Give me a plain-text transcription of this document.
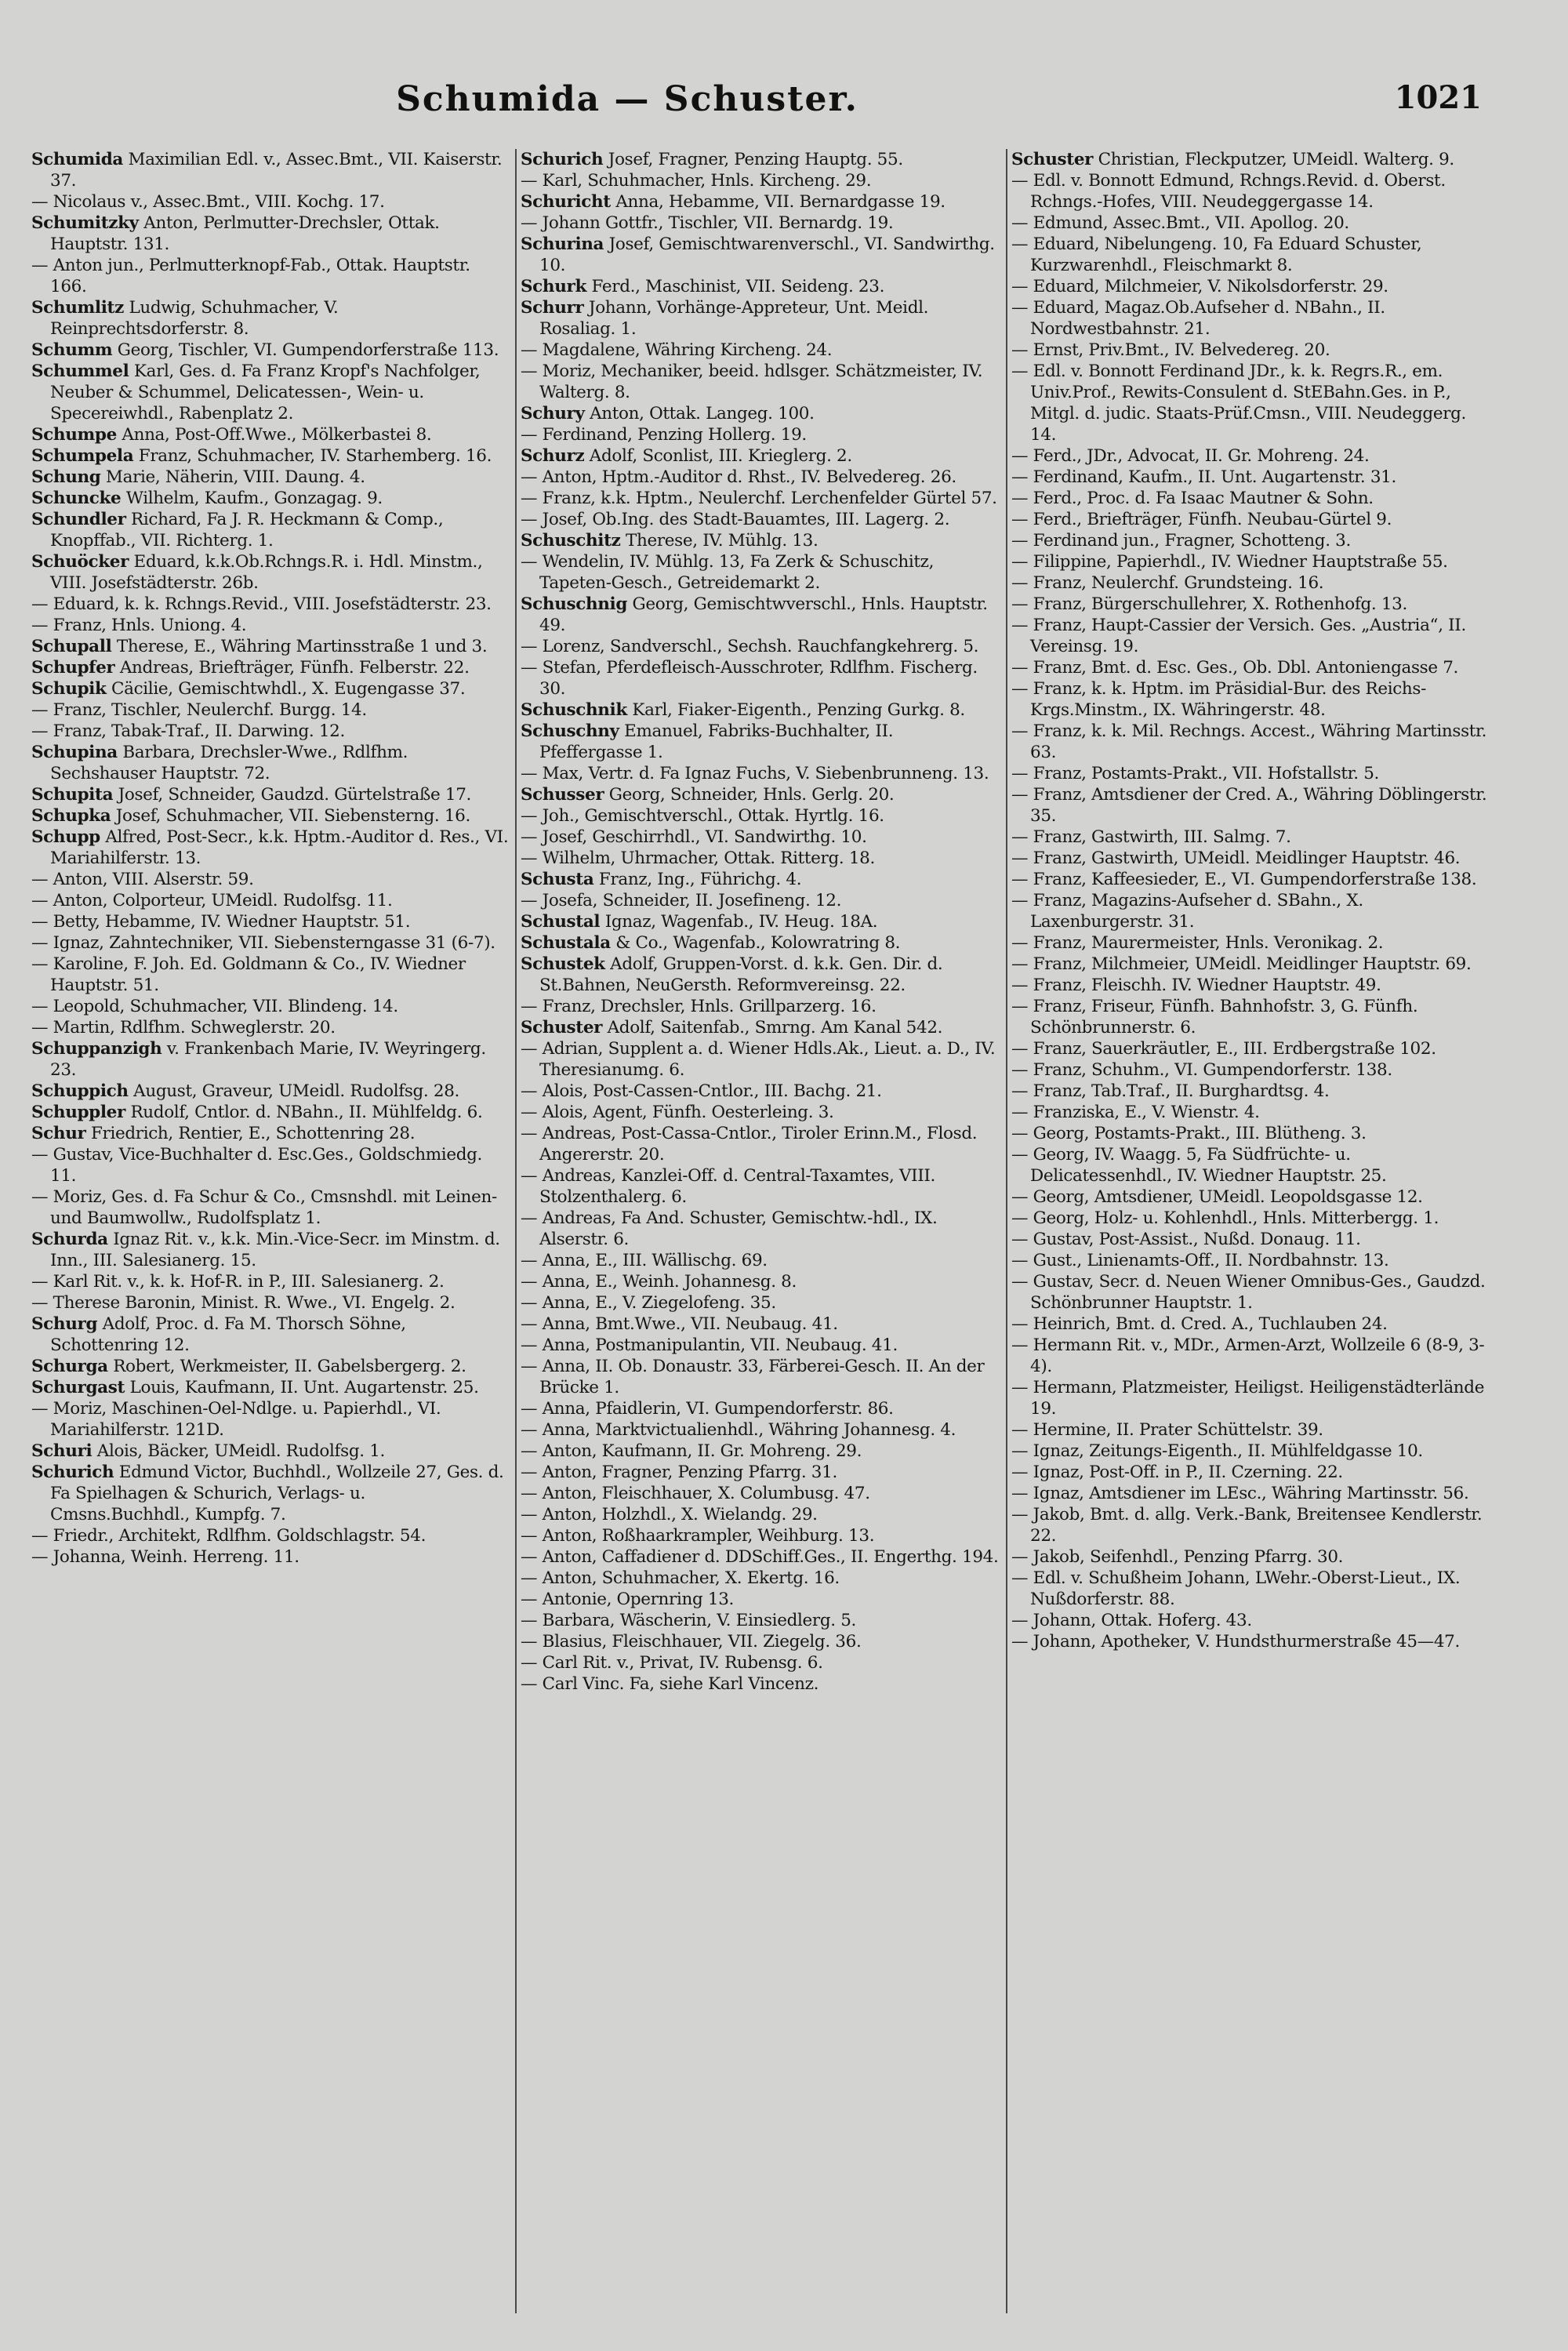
Schumida — Schuster.	1021
Schumida Maximilian Edl. v., Assec.Bmt., VII. Kaiserstr. 37.
— Nicolaus v., Assec.Bmt., VIII. Kochg. 17.
Schumitzky Anton, Perlmutter-Drechsler, Ottak. Hauptstr. 131.
— Anton jun., Perlmutterknopf-Fab., Ottak. Hauptstr. 166.
Schumlitz Ludwig, Schuhmacher, V. Reinprechtsdorferstr. 8.
Schumm Georg, Tischler, VI. Gumpendorferstraße 113.
Schummel Karl, Ges. d. Fa Franz Kropf's Nachfolger, Neuber & Schummel, Delicatessen-, Wein- u. Specereiwhdl., Rabenplatz 2.
Schumpe Anna, Post-Off.Wwe., Mölkerbastei 8.
Schumpela Franz, Schuhmacher, IV. Starhemberg. 16.
Schung Marie, Näherin, VIII. Daung. 4.
Schuncke Wilhelm, Kaufm., Gonzagag. 9.
Schundler Richard, Fa J. R. Heckmann & Comp., Knopffab., VII. Richterg. 1.
Schuöcker Eduard, k.k.Ob.Rchngs.R. i. Hdl. Minstm., VIII. Josefstädterstr. 26b.
— Eduard, k. k. Rchngs.Revid., VIII. Josefstädterstr. 23.
— Franz, Hnls. Uniong. 4.
Schupall Therese, E., Währing Martinsstraße 1 und 3.
Schupfer Andreas, Briefträger, Fünfh. Felberstr. 22.
Schupik Cäcilie, Gemischtwhdl., X. Eugengasse 37.
— Franz, Tischler, Neulerchf. Burgg. 14.
— Franz, Tabak-Traf., II. Darwing. 12.
Schupina Barbara, Drechsler-Wwe., Rdlfhm. Sechshauser Hauptstr. 72.
Schupita Josef, Schneider, Gaudzd. Gürtelstraße 17.
Schupka Josef, Schuhmacher, VII. Siebensterng. 16.
Schupp Alfred, Post-Secr., k.k. Hptm.-Auditor d. Res., VI. Mariahilferstr. 13.
— Anton, VIII. Alserstr. 59.
— Anton, Colporteur, UMeidl. Rudolfsg. 11.
— Betty, Hebamme, IV. Wiedner Hauptstr. 51.
— Ignaz, Zahntechniker, VII. Siebensterngasse 31 (6-7).
— Karoline, F. Joh. Ed. Goldmann & Co., IV. Wiedner Hauptstr. 51.
— Leopold, Schuhmacher, VII. Blindeng. 14.
— Martin, Rdlfhm. Schweglerstr. 20.
Schuppanzigh v. Frankenbach Marie, IV. Weyringerg. 23.
Schuppich August, Graveur, UMeidl. Rudolfsg. 28.
Schuppler Rudolf, Cntlor. d. NBahn., II. Mühlfeldg. 6.
Schur Friedrich, Rentier, E., Schottenring 28.
— Gustav, Vice-Buchhalter d. Esc.Ges., Goldschmiedg. 11.
— Moriz, Ges. d. Fa Schur & Co., Cmsnshdl. mit Leinen- und Baumwollw., Rudolfsplatz 1.
Schurda Ignaz Rit. v., k.k. Min.-Vice-Secr. im Minstm. d. Inn., III. Salesianerg. 15.
— Karl Rit. v., k. k. Hof-R. in P., III. Salesianerg. 2.
— Therese Baronin, Minist. R. Wwe., VI. Engelg. 2.
Schurg Adolf, Proc. d. Fa M. Thorsch Söhne, Schottenring 12.
Schurga Robert, Werkmeister, II. Gabelsbergerg. 2.
Schurgast Louis, Kaufmann, II. Unt. Augartenstr. 25.
— Moriz, Maschinen-Oel-Ndlge. u. Papierhdl., VI. Mariahilferstr. 121D.
Schuri Alois, Bäcker, UMeidl. Rudolfsg. 1.
Schurich Edmund Victor, Buchhdl., Wollzeile 27, Ges. d. Fa Spielhagen & Schurich, Verlags- u. Cmsns.Buchhdl., Kumpfg. 7.
— Friedr., Architekt, Rdlfhm. Goldschlagstr. 54.
— Johanna, Weinh. Herreng. 11.
Schurich Josef, Fragner, Penzing Hauptg. 55.
— Karl, Schuhmacher, Hnls. Kircheng. 29.
Schuricht Anna, Hebamme, VII. Bernardgasse 19.
— Johann Gottfr., Tischler, VII. Bernardg. 19.
Schurina Josef, Gemischtwarenverschl., VI. Sandwirthg. 10.
Schurk Ferd., Maschinist, VII. Seideng. 23.
Schurr Johann, Vorhänge-Appreteur, Unt. Meidl. Rosaliag. 1.
— Magdalene, Währing Kircheng. 24.
— Moriz, Mechaniker, beeid. hdlsger. Schätzmeister, IV. Walterg. 8.
Schury Anton, Ottak. Langeg. 100.
— Ferdinand, Penzing Hollerg. 19.
Schurz Adolf, Sconlist, III. Krieglerg. 2.
— Anton, Hptm.-Auditor d. Rhst., IV. Belvedereg. 26.
— Franz, k.k. Hptm., Neulerchf. Lerchenfelder Gürtel 57.
— Josef, Ob.Ing. des Stadt-Bauamtes, III. Lagerg. 2.
Schuschitz Therese, IV. Mühlg. 13.
— Wendelin, IV. Mühlg. 13, Fa Zerk & Schuschitz, Tapeten-Gesch., Getreidemarkt 2.
Schuschnig Georg, Gemischtwverschl., Hnls. Hauptstr. 49.
— Lorenz, Sandverschl., Sechsh. Rauchfangkehrerg. 5.
— Stefan, Pferdefleisch-Ausschroter, Rdlfhm. Fischerg. 30.
Schuschnik Karl, Fiaker-Eigenth., Penzing Gurkg. 8.
Schuschny Emanuel, Fabriks-Buchhalter, II. Pfeffergasse 1.
— Max, Vertr. d. Fa Ignaz Fuchs, V. Siebenbrunneng. 13.
Schusser Georg, Schneider, Hnls. Gerlg. 20.
— Joh., Gemischtverschl., Ottak. Hyrtlg. 16.
— Josef, Geschirrhdl., VI. Sandwirthg. 10.
— Wilhelm, Uhrmacher, Ottak. Ritterg. 18.
Schusta Franz, Ing., Führichg. 4.
— Josefa, Schneider, II. Josefineng. 12.
Schustal Ignaz, Wagenfab., IV. Heug. 18A.
Schustala & Co., Wagenfab., Kolowratring 8.
Schustek Adolf, Gruppen-Vorst. d. k.k. Gen. Dir. d. St.Bahnen, NeuGersth. Reformvereinsg. 22.
— Franz, Drechsler, Hnls. Grillparzerg. 16.
Schuster Adolf, Saitenfab., Smrng. Am Kanal 542.
— Adrian, Supplent a. d. Wiener Hdls.Ak., Lieut. a. D., IV. Theresianumg. 6.
— Alois, Post-Cassen-Cntlor., III. Bachg. 21.
— Alois, Agent, Fünfh. Oesterleing. 3.
— Andreas, Post-Cassa-Cntlor., Tiroler Erinn.M., Flosd. Angererstr. 20.
— Andreas, Kanzlei-Off. d. Central-Taxamtes, VIII. Stolzenthalerg. 6.
— Andreas, Fa And. Schuster, Gemischtw.-hdl., IX. Alserstr. 6.
— Anna, E., III. Wällischg. 69.
— Anna, E., Weinh. Johannesg. 8.
— Anna, E., V. Ziegelofeng. 35.
— Anna, Bmt.Wwe., VII. Neubaug. 41.
— Anna, Postmanipulantin, VII. Neubaug. 41.
— Anna, II. Ob. Donaustr. 33, Färberei-Gesch. II. An der Brücke 1.
— Anna, Pfaidlerin, VI. Gumpendorferstr. 86.
— Anna, Marktvictualienhdl., Währing Johannesg. 4.
— Anton, Kaufmann, II. Gr. Mohreng. 29.
— Anton, Fragner, Penzing Pfarrg. 31.
— Anton, Fleischhauer, X. Columbusg. 47.
— Anton, Holzhdl., X. Wielandg. 29.
— Anton, Roßhaarkrampler, Weihburg. 13.
— Anton, Caffadiener d. DDSchiff.Ges., II. Engerthg. 194.
— Anton, Schuhmacher, X. Ekertg. 16.
— Antonie, Opernring 13.
— Barbara, Wäscherin, V. Einsiedlerg. 5.
— Blasius, Fleischhauer, VII. Ziegelg. 36.
— Carl Rit. v., Privat, IV. Rubensg. 6.
— Carl Vinc. Fa, siehe Karl Vincenz.
Schuster Christian, Fleckputzer, UMeidl. Walterg. 9.
— Edl. v. Bonnott Edmund, Rchngs.Revid. d. Oberst. Rchngs.-Hofes, VIII. Neudeggergasse 14.
— Edmund, Assec.Bmt., VII. Apollog. 20.
— Eduard, Nibelungeng. 10, Fa Eduard Schuster, Kurzwarenhdl., Fleischmarkt 8.
— Eduard, Milchmeier, V. Nikolsdorferstr. 29.
— Eduard, Magaz.Ob.Aufseher d. NBahn., II. Nordwestbahnstr. 21.
— Ernst, Priv.Bmt., IV. Belvedereg. 20.
— Edl. v. Bonnott Ferdinand JDr., k. k. Regrs.R., em. Univ.Prof., Rewits-Consulent d. StEBahn.Ges. in P., Mitgl. d. judic. Staats-Prüf.Cmsn., VIII. Neudeggerg. 14.
— Ferd., JDr., Advocat, II. Gr. Mohreng. 24.
— Ferdinand, Kaufm., II. Unt. Augartenstr. 31.
— Ferd., Proc. d. Fa Isaac Mautner & Sohn.
— Ferd., Briefträger, Fünfh. Neubau-Gürtel 9.
— Ferdinand jun., Fragner, Schotteng. 3.
— Filippine, Papierhdl., IV. Wiedner Hauptstraße 55.
— Franz, Neulerchf. Grundsteing. 16.
— Franz, Bürgerschullehrer, X. Rothenhofg. 13.
— Franz, Haupt-Cassier der Versich. Ges. „Austria“, II. Vereinsg. 19.
— Franz, Bmt. d. Esc. Ges., Ob. Dbl. Antoniengasse 7.
— Franz, k. k. Hptm. im Präsidial-Bur. des Reichs-Krgs.Minstm., IX. Währingerstr. 48.
— Franz, k. k. Mil. Rechngs. Accest., Währing Martinsstr. 63.
— Franz, Postamts-Prakt., VII. Hofstallstr. 5.
— Franz, Amtsdiener der Cred. A., Währing Döblingerstr. 35.
— Franz, Gastwirth, III. Salmg. 7.
— Franz, Gastwirth, UMeidl. Meidlinger Hauptstr. 46.
— Franz, Kaffeesieder, E., VI. Gumpendorferstraße 138.
— Franz, Magazins-Aufseher d. SBahn., X. Laxenburgerstr. 31.
— Franz, Maurermeister, Hnls. Veronikag. 2.
— Franz, Milchmeier, UMeidl. Meidlinger Hauptstr. 69.
— Franz, Fleischh. IV. Wiedner Hauptstr. 49.
— Franz, Friseur, Fünfh. Bahnhofstr. 3, G. Fünfh. Schönbrunnerstr. 6.
— Franz, Sauerkräutler, E., III. Erdbergstraße 102.
— Franz, Schuhm., VI. Gumpendorferstr. 138.
— Franz, Tab.Traf., II. Burghardtsg. 4.
— Franziska, E., V. Wienstr. 4.
— Georg, Postamts-Prakt., III. Blütheng. 3.
— Georg, IV. Waagg. 5, Fa Südfrüchte- u. Delicatessenhdl., IV. Wiedner Hauptstr. 25.
— Georg, Amtsdiener, UMeidl. Leopoldsgasse 12.
— Georg, Holz- u. Kohlenhdl., Hnls. Mitterbergg. 1.
— Gustav, Post-Assist., Nußd. Donaug. 11.
— Gust., Linienamts-Off., II. Nordbahnstr. 13.
— Gustav, Secr. d. Neuen Wiener Omnibus-Ges., Gaudzd. Schönbrunner Hauptstr. 1.
— Heinrich, Bmt. d. Cred. A., Tuchlauben 24.
— Hermann Rit. v., MDr., Armen-Arzt, Wollzeile 6 (8-9, 3-4).
— Hermann, Platzmeister, Heiligst. Heiligenstädterlände 19.
— Hermine, II. Prater Schüttelstr. 39.
— Ignaz, Zeitungs-Eigenth., II. Mühlfeldgasse 10.
— Ignaz, Post-Off. in P., II. Czerning. 22.
— Ignaz, Amtsdiener im LEsc., Währing Martinsstr. 56.
— Jakob, Bmt. d. allg. Verk.-Bank, Breitensee Kendlerstr. 22.
— Jakob, Seifenhdl., Penzing Pfarrg. 30.
— Edl. v. Schußheim Johann, LWehr.-Oberst-Lieut., IX. Nußdorferstr. 88.
— Johann, Ottak. Hoferg. 43.
— Johann, Apotheker, V. Hundsthurmerstraße 45—47.
